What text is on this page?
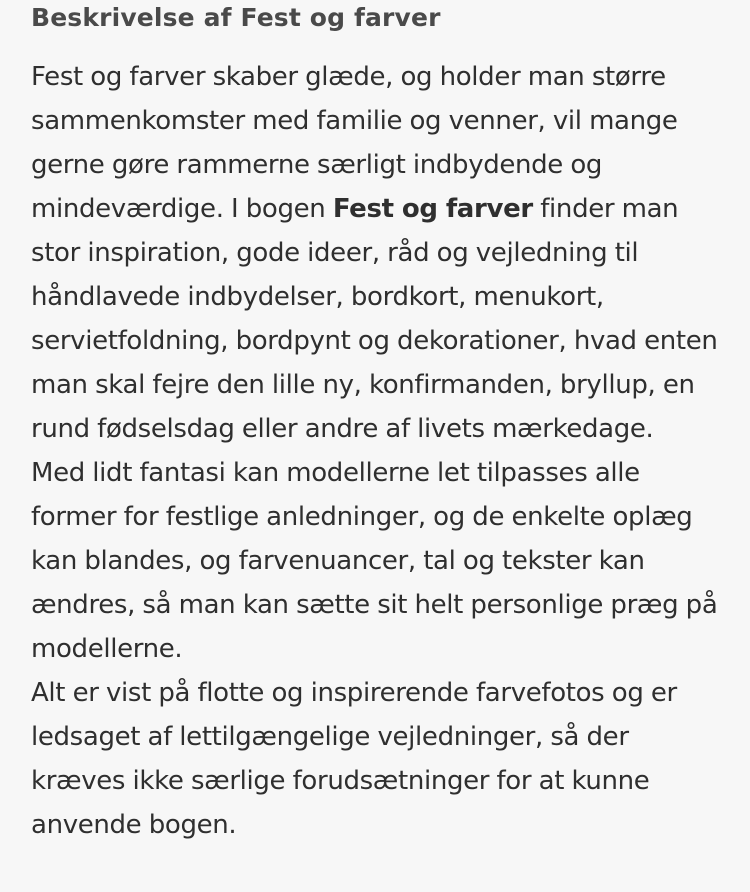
Beskrivelse af Fest og farver

Fest og farver skaber glæde, og holder man større sammenkomster med familie og venner, vil mange gerne gøre rammerne særligt indbydende og mindeværdige. I bogen Fest og farver finder man stor inspiration, gode ideer, råd og vejledning til håndlavede indbydelser, bordkort, menukort, servietfoldning, bordpynt og dekorationer, hvad enten man skal fejre den lille ny, konfirmanden, bryllup, en rund fødselsdag eller andre af livets mærkedage.

Med lidt fantasi kan modellerne let tilpasses alle former for festlige anledninger, og de enkelte oplæg kan blandes, og farvenuancer, tal og tekster kan ændres, så man kan sætte sit helt personlige præg på modellerne.

Alt er vist på flotte og inspirerende farvefotos og er ledsaget af lettilgængelige vejledninger, så der kræves ikke særlige forudsætninger for at kunne anvende bogen.
